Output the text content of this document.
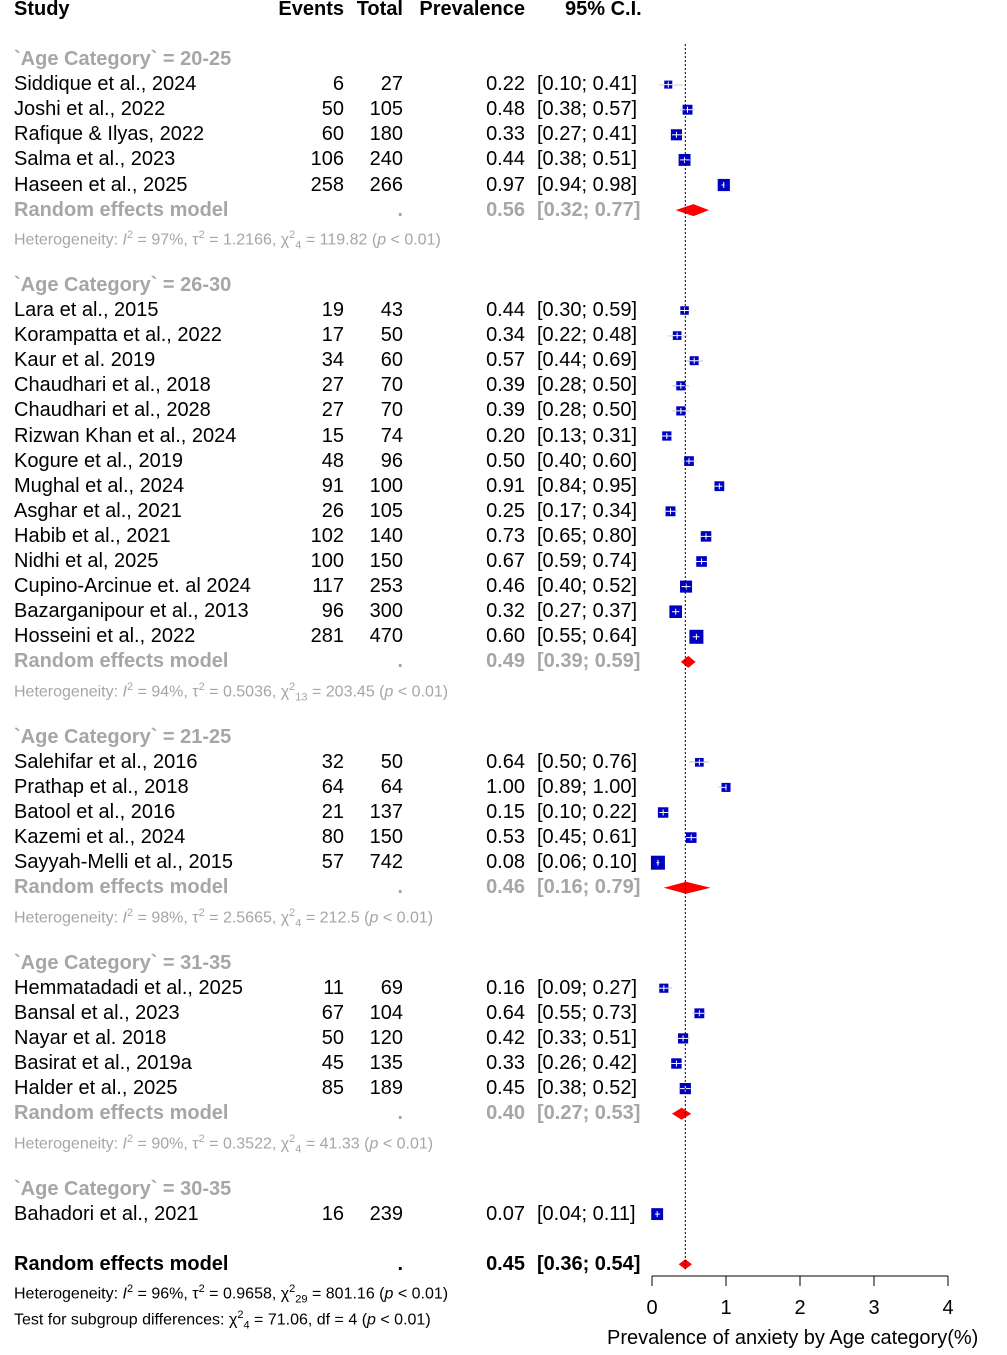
Study	Events Total Prevalence 95% C.I.
`Age Category` = 20-25
Siddique et al., 2024	6 27	0.22 [0.10; 0.41]
Joshi et al., 2022	50 105	0.48 [0.38; 0.57]
Rafique & Ilyas, 2022	60 180	0.33 [0.27; 0.41]
Salma et al., 2023	106 240	0.44 [0.38; 0.51]
Haseen et al., 2025	258 266	0.97 [0.94; 0.98]
Random effects model	.	0.56 [0.32; 0.77]
Heterogeneity: $I^2 = 97\%$, $\tau^2 = 1.2166$, $\chi^2_4 = 119.82$ (p < 0.01)
`Age Category` = 26-30
Lara et al., 2015	19 43	0.44 [0.30; 0.59]
Korampatta et al., 2022	17 50	0.34 [0.22; 0.48]
Kaur et al. 2019	34 60	0.57 [0.44; 0.69]
Chaudhari et al., 2018	27 70	0.39 [0.28; 0.50]
Chaudhari et al., 2028	27 70	0.39 [0.28; 0.50]
Rizwan Khan et al., 2024	15 74	0.20 [0.13; 0.31]
Kogure et al., 2019	48 96	0.50 [0.40; 0.60]
Mughal et al., 2024	91 100	0.91 [0.84; 0.95]
Asghar et al., 2021	26 105	0.25 [0.17; 0.34]
Habib et al., 2021	102 140	0.73 [0.65; 0.80]
Nidhi et al, 2025	100 150	0.67 [0.59; 0.74]
Cupino-Arcinue et. al 2024	117 253	0.46 [0.40; 0.52]
Bazarganipour et al., 2013	96 300	0.32 [0.27; 0.37]
Hosseini et al., 2022	281 470	0.60 [0.55; 0.64]
Random effects model	.	0.49 [0.39; 0.59]
Heterogeneity: $I^2 = 94\%$, $\tau^2 = 0.5036$, $\chi^2_{13} = 203.45$ (p < 0.01)
`Age Category` = 21-25
Salehifar et al., 2016	32 50	0.64 [0.50; 0.76]
Prathap et al., 2018	64 64	1.00 [0.89; 1.00]
Batool et al., 2016	21 137	0.15 [0.10; 0.22]
Kazemi et al., 2024	80 150	0.53 [0.45; 0.61]
Sayyah-Melli et al., 2015	57 742	0.08 [0.06; 0.10]
Random effects model	.	0.46 [0.16; 0.79]
Heterogeneity: $I^2 = 98\%$, $\tau^2 = 2.5665$, $\chi^2_4 = 212.5$ (p < 0.01)
`Age Category` = 31-35
Hemmatadadi et al., 2025	11 69	0.16 [0.09; 0.27]
Bansal et al., 2023	67 104	0.64 [0.55; 0.73]
Nayar et al. 2018	50 120	0.42 [0.33; 0.51]
Basirat et al., 2019a	45 135	0.33 [0.26; 0.42]
Halder et al., 2025	85 189	0.45 [0.38; 0.52]
Random effects model	.	0.40 [0.27; 0.53]
Heterogeneity: $I^2 = 90\%$, $\tau^2 = 0.3522$, $\chi^2_4 = 41.33$ (p < 0.01)
`Age Category` = 30-35
Bahadori et al., 2021	16 239	0.07 [0.04; 0.11]
Random effects model	.	0.45 [0.36; 0.54]
Heterogeneity: $I^2 = 96\%$, $\tau^2 = 0.9658$, $\chi^2_{29} = 801.16$ (p < 0.01)
Test for subgroup differences: $\chi^2_4 = 71.06$, df = 4 (p < 0.01)
0	1	2	3	4
Prevalence of anxiety by Age category(%)
